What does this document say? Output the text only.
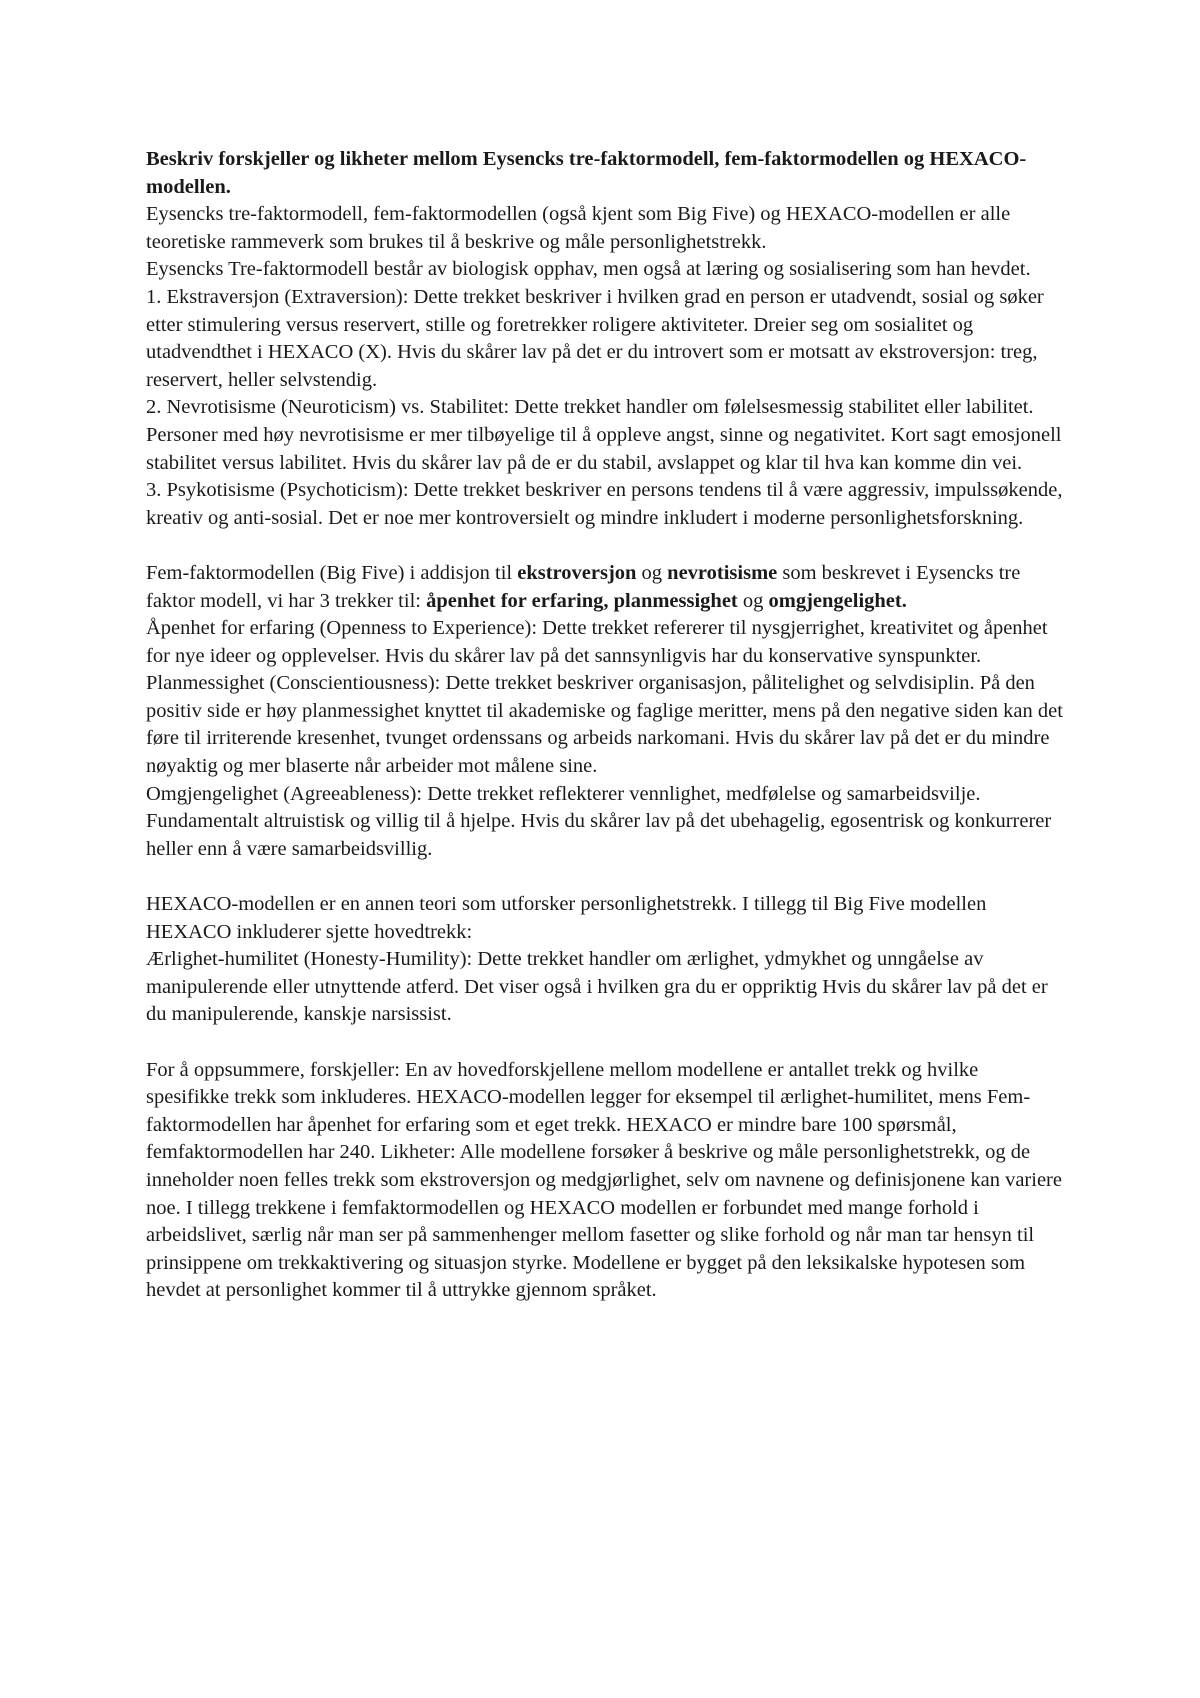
Beskriv forskjeller og likheter mellom Eysencks tre-faktormodell, fem-faktormodellen og HEXACO-modellen.

Eysencks tre-faktormodell, fem-faktormodellen (også kjent som Big Five) og HEXACO-modellen er alle teoretiske rammeverk som brukes til å beskrive og måle personlighetstrekk.

Eysencks Tre-faktormodell består av biologisk opphav, men også at læring og sosialisering som han hevdet.

1. Ekstraversjon (Extraversion): Dette trekket beskriver i hvilken grad en person er utadvendt, sosial og søker etter stimulering versus reservert, stille og foretrekker roligere aktiviteter. Dreier seg om sosialitet og utadvendthet i HEXACO (X). Hvis du skårer lav på det er du introvert som er motsatt av ekstroversjon: treg, reservert, heller selvstendig.

2. Nevrotisisme (Neuroticism) vs. Stabilitet: Dette trekket handler om følelsesmessig stabilitet eller labilitet. Personer med høy nevrotisisme er mer tilbøyelige til å oppleve angst, sinne og negativitet. Kort sagt emosjonell stabilitet versus labilitet. Hvis du skårer lav på de er du stabil, avslappet og klar til hva kan komme din vei.

3. Psykotisisme (Psychoticism): Dette trekket beskriver en persons tendens til å være aggressiv, impulssøkende, kreativ og anti-sosial. Det er noe mer kontroversielt og mindre inkludert i moderne personlighetsforskning.

Fem-faktormodellen (Big Five) i addisjon til ekstroversjon og nevrotisisme som beskrevet i Eysencks tre faktor modell, vi har 3 trekker til: åpenhet for erfaring, planmessighet og omgjengelighet.

Åpenhet for erfaring (Openness to Experience): Dette trekket refererer til nysgjerrighet, kreativitet og åpenhet for nye ideer og opplevelser. Hvis du skårer lav på det sannsynligvis har du konservative synspunkter.

Planmessighet (Conscientiousness): Dette trekket beskriver organisasjon, pålitelighet og selvdisiplin. På den positiv side er høy planmessighet knyttet til akademiske og faglige meritter, mens på den negative siden kan det føre til irriterende kresenhet, tvunget ordenssans og arbeids narkomani. Hvis du skårer lav på det er du mindre nøyaktig og mer blaserte når arbeider mot målene sine.

Omgjengelighet (Agreeableness): Dette trekket reflekterer vennlighet, medfølelse og samarbeidsvilje. Fundamentalt altruistisk og villig til å hjelpe. Hvis du skårer lav på det ubehagelig, egosentrisk og konkurrerer heller enn å være samarbeidsvillig.

HEXACO-modellen er en annen teori som utforsker personlighetstrekk. I tillegg til Big Five modellen HEXACO inkluderer sjette hovedtrekk:

Ærlighet-humilitet (Honesty-Humility): Dette trekket handler om ærlighet, ydmykhet og unngåelse av manipulerende eller utnyttende atferd. Det viser også i hvilken gra du er oppriktig Hvis du skårer lav på det er du manipulerende, kanskje narsissist.

For å oppsummere, forskjeller: En av hovedforskjellene mellom modellene er antallet trekk og hvilke spesifikke trekk som inkluderes. HEXACO-modellen legger for eksempel til ærlighet-humilitet, mens Fem-faktormodellen har åpenhet for erfaring som et eget trekk. HEXACO er mindre bare 100 spørsmål, femfaktormodellen har 240. Likheter: Alle modellene forsøker å beskrive og måle personlighetstrekk, og de inneholder noen felles trekk som ekstroversjon og medgjørlighet, selv om navnene og definisjonene kan variere noe. I tillegg trekkene i femfaktormodellen og HEXACO modellen er forbundet med mange forhold i arbeidslivet, særlig når man ser på sammenhenger mellom fasetter og slike forhold og når man tar hensyn til prinsippene om trekkaktivering og situasjon styrke. Modellene er bygget på den leksikalske hypotesen som hevdet at personlighet kommer til å uttrykke gjennom språket.
